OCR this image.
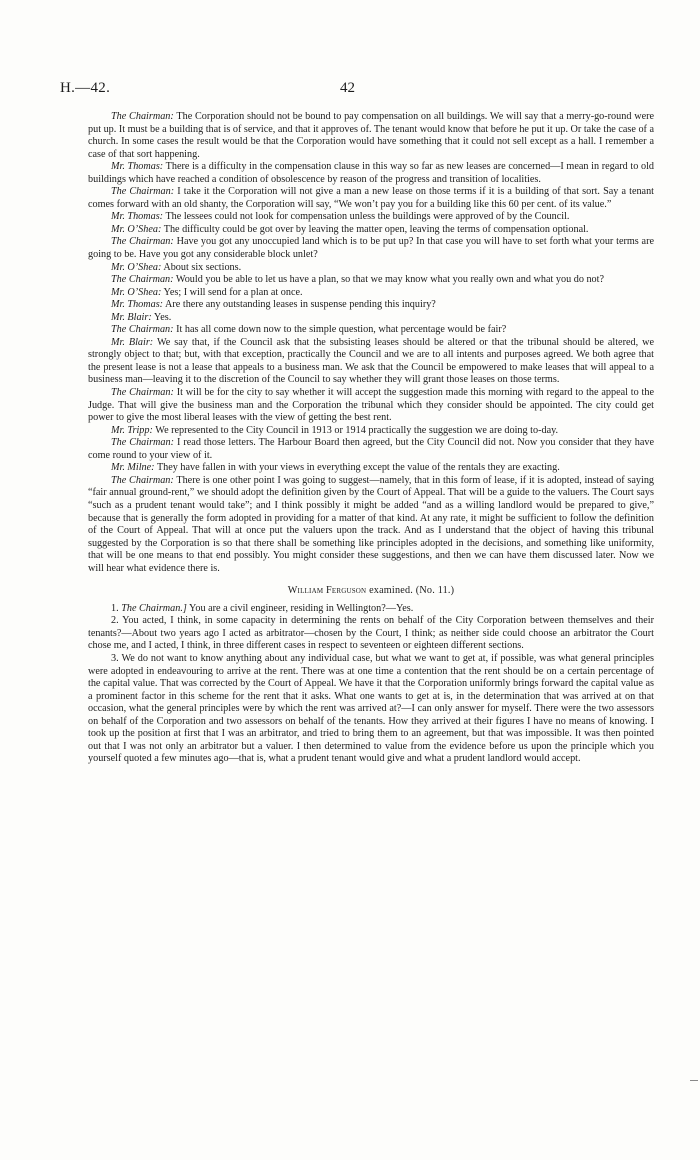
H.—42.	42

The Chairman: The Corporation should not be bound to pay compensation on all buildings. We will say that a merry-go-round were put up. It must be a building that is of service, and that it approves of. The tenant would know that before he put it up. Or take the case of a church. In some cases the result would be that the Corporation would have something that it could not sell except as a hall. I remember a case of that sort happening.

Mr. Thomas: There is a difficulty in the compensation clause in this way so far as new leases are concerned—I mean in regard to old buildings which have reached a condition of obsolescence by reason of the progress and transition of localities.

The Chairman: I take it the Corporation will not give a man a new lease on those terms if it is a building of that sort. Say a tenant comes forward with an old shanty, the Corporation will say, “We won’t pay you for a building like this 60 per cent. of its value.”

Mr. Thomas: The lessees could not look for compensation unless the buildings were approved of by the Council.

Mr. O’Shea: The difficulty could be got over by leaving the matter open, leaving the terms of compensation optional.

The Chairman: Have you got any unoccupied land which is to be put up? In that case you will have to set forth what your terms are going to be. Have you got any considerable block unlet?

Mr. O’Shea: About six sections.

The Chairman: Would you be able to let us have a plan, so that we may know what you really own and what you do not?

Mr. O’Shea: Yes; I will send for a plan at once.

Mr. Thomas: Are there any outstanding leases in suspense pending this inquiry?

Mr. Blair: Yes.

The Chairman: It has all come down now to the simple question, what percentage would be fair?

Mr. Blair: We say that, if the Council ask that the subsisting leases should be altered or that the tribunal should be altered, we strongly object to that; but, with that exception, practically the Council and we are to all intents and purposes agreed. We both agree that the present lease is not a lease that appeals to a business man. We ask that the Council be empowered to make leases that will appeal to a business man—leaving it to the discretion of the Council to say whether they will grant those leases on those terms.

The Chairman: It will be for the city to say whether it will accept the suggestion made this morning with regard to the appeal to the Judge. That will give the business man and the Corporation the tribunal which they consider should be appointed. The city could get power to give the most liberal leases with the view of getting the best rent.

Mr. Tripp: We represented to the City Council in 1913 or 1914 practically the suggestion we are doing to-day.

The Chairman: I read those letters. The Harbour Board then agreed, but the City Council did not. Now you consider that they have come round to your view of it.

Mr. Milne: They have fallen in with your views in everything except the value of the rentals they are exacting.

The Chairman: There is one other point I was going to suggest—namely, that in this form of lease, if it is adopted, instead of saying “fair annual ground-rent,” we should adopt the definition given by the Court of Appeal. That will be a guide to the valuers. The Court says “such as a prudent tenant would take”; and I think possibly it might be added “and as a willing landlord would be prepared to give,” because that is generally the form adopted in providing for a matter of that kind. At any rate, it might be sufficient to follow the definition of the Court of Appeal. That will at once put the valuers upon the track. And as I understand that the object of having this tribunal suggested by the Corporation is so that there shall be something like principles adopted in the decisions, and something like uniformity, that will be one means to that end possibly. You might consider these suggestions, and then we can have them discussed later. Now we will hear what evidence there is.

William Ferguson examined. (No. 11.)

1. The Chairman.] You are a civil engineer, residing in Wellington?—Yes.

2. You acted, I think, in some capacity in determining the rents on behalf of the City Corporation between themselves and their tenants?—About two years ago I acted as arbitrator—chosen by the Court, I think; as neither side could choose an arbitrator the Court chose me, and I acted, I think, in three different cases in respect to seventeen or eighteen different sections.

3. We do not want to know anything about any individual case, but what we want to get at, if possible, was what general principles were adopted in endeavouring to arrive at the rent. There was at one time a contention that the rent should be on a certain percentage of the capital value. That was corrected by the Court of Appeal. We have it that the Corporation uniformly brings forward the capital value as a prominent factor in this scheme for the rent that it asks. What one wants to get at is, in the determination that was arrived at on that occasion, what the general principles were by which the rent was arrived at?—I can only answer for myself. There were the two assessors on behalf of the Corporation and two assessors on behalf of the tenants. How they arrived at their figures I have no means of knowing. I took up the position at first that I was an arbitrator, and tried to bring them to an agreement, but that was impossible. It was then pointed out that I was not only an arbitrator but a valuer. I then determined to value from the evidence before us upon the principle which you yourself quoted a few minutes ago—that is, what a prudent tenant would give and what a prudent landlord would accept.
